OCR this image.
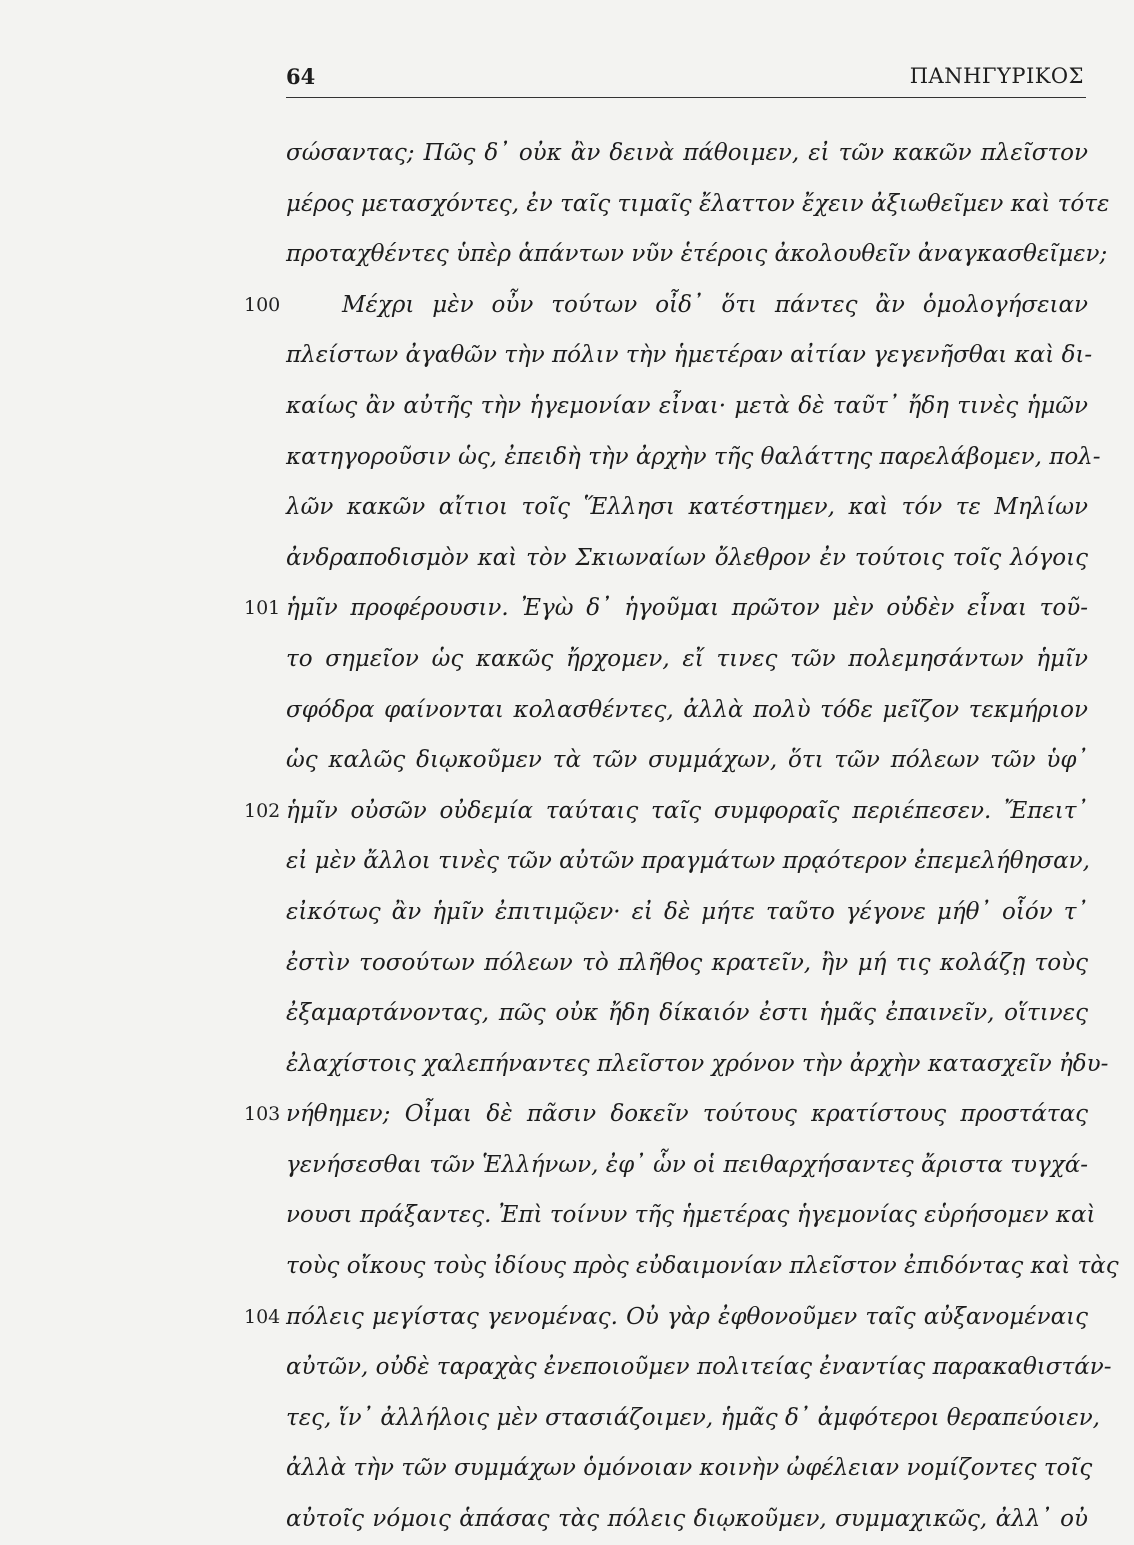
64	ΠΑΝΗΓΥΡΙΚΟΣ
σώσαντας; Πῶς δ᾽ οὐκ ἂν δεινὰ πάθοιμεν, εἰ τῶν κακῶν πλεῖστον
μέρος μετασχόντες, ἐν ταῖς τιμαῖς ἔλαττον ἔχειν ἀξιωθεῖμεν καὶ τότε
προταχθέντες ὑπὲρ ἁπάντων νῦν ἑτέροις ἀκολουθεῖν ἀναγκασθεῖμεν;
100	Μέχρι μὲν οὖν τούτων οἶδ᾽ ὅτι πάντες ἂν ὁμολογήσειαν
πλείστων ἀγαθῶν τὴν πόλιν τὴν ἡμετέραν αἰτίαν γεγενῆσθαι καὶ δι-
καίως ἂν αὐτῆς τὴν ἡγεμονίαν εἶναι· μετὰ δὲ ταῦτ᾽ ἤδη τινὲς ἡμῶν
κατηγοροῦσιν ὡς, ἐπειδὴ τὴν ἀρχὴν τῆς θαλάττης παρελάβομεν, πολ-
λῶν κακῶν αἴτιοι τοῖς Ἕλλησι κατέστημεν, καὶ τόν τε Μηλίων
ἀνδραποδισμὸν καὶ τὸν Σκιωναίων ὄλεθρον ἐν τούτοις τοῖς λόγοις
101 ἡμῖν προφέρουσιν. Ἐγὼ δ᾽ ἡγοῦμαι πρῶτον μὲν οὐδὲν εἶναι τοῦ-
το σημεῖον ὡς κακῶς ἤρχομεν, εἴ τινες τῶν πολεμησάντων ἡμῖν
σφόδρα φαίνονται κολασθέντες, ἀλλὰ πολὺ τόδε μεῖζον τεκμήριον
ὡς καλῶς διῳκοῦμεν τὰ τῶν συμμάχων, ὅτι τῶν πόλεων τῶν ὑφ᾽
102 ἡμῖν οὐσῶν οὐδεμία ταύταις ταῖς συμφοραῖς περιέπεσεν. Ἔπειτ᾽
εἰ μὲν ἄλλοι τινὲς τῶν αὐτῶν πραγμάτων πρᾳότερον ἐπεμελήθησαν,
εἰκότως ἂν ἡμῖν ἐπιτιμῷεν· εἰ δὲ μήτε ταῦτο γέγονε μήθ᾽ οἷόν τ᾽
ἐστὶν τοσούτων πόλεων τὸ πλῆθος κρατεῖν, ἢν μή τις κολάζῃ τοὺς
ἐξαμαρτάνοντας, πῶς οὐκ ἤδη δίκαιόν ἐστι ἡμᾶς ἐπαινεῖν, οἵτινες
ἐλαχίστοις χαλεπήναντες πλεῖστον χρόνον τὴν ἀρχὴν κατασχεῖν ἠδυ-
103 νήθημεν; Οἶμαι δὲ πᾶσιν δοκεῖν τούτους κρατίστους προστάτας
γενήσεσθαι τῶν Ἑλλήνων, ἐφ᾽ ὧν οἱ πειθαρχήσαντες ἄριστα τυγχά-
νουσι πράξαντες. Ἐπὶ τοίνυν τῆς ἡμετέρας ἡγεμονίας εὑρήσομεν καὶ
τοὺς οἴκους τοὺς ἰδίους πρὸς εὐδαιμονίαν πλεῖστον ἐπιδόντας καὶ τὰς
104 πόλεις μεγίστας γενομένας. Οὐ γὰρ ἐφθονοῦμεν ταῖς αὐξανομέναις
αὐτῶν, οὐδὲ ταραχὰς ἐνεποιοῦμεν πολιτείας ἐναντίας παρακαθιστάν-
τες, ἵν᾽ ἀλλήλοις μὲν στασιάζοιμεν, ἡμᾶς δ᾽ ἀμφότεροι θεραπεύοιεν,
ἀλλὰ τὴν τῶν συμμάχων ὁμόνοιαν κοινὴν ὠφέλειαν νομίζοντες τοῖς
αὐτοῖς νόμοις ἁπάσας τὰς πόλεις διῳκοῦμεν, συμμαχικῶς, ἀλλ᾽ οὐ
